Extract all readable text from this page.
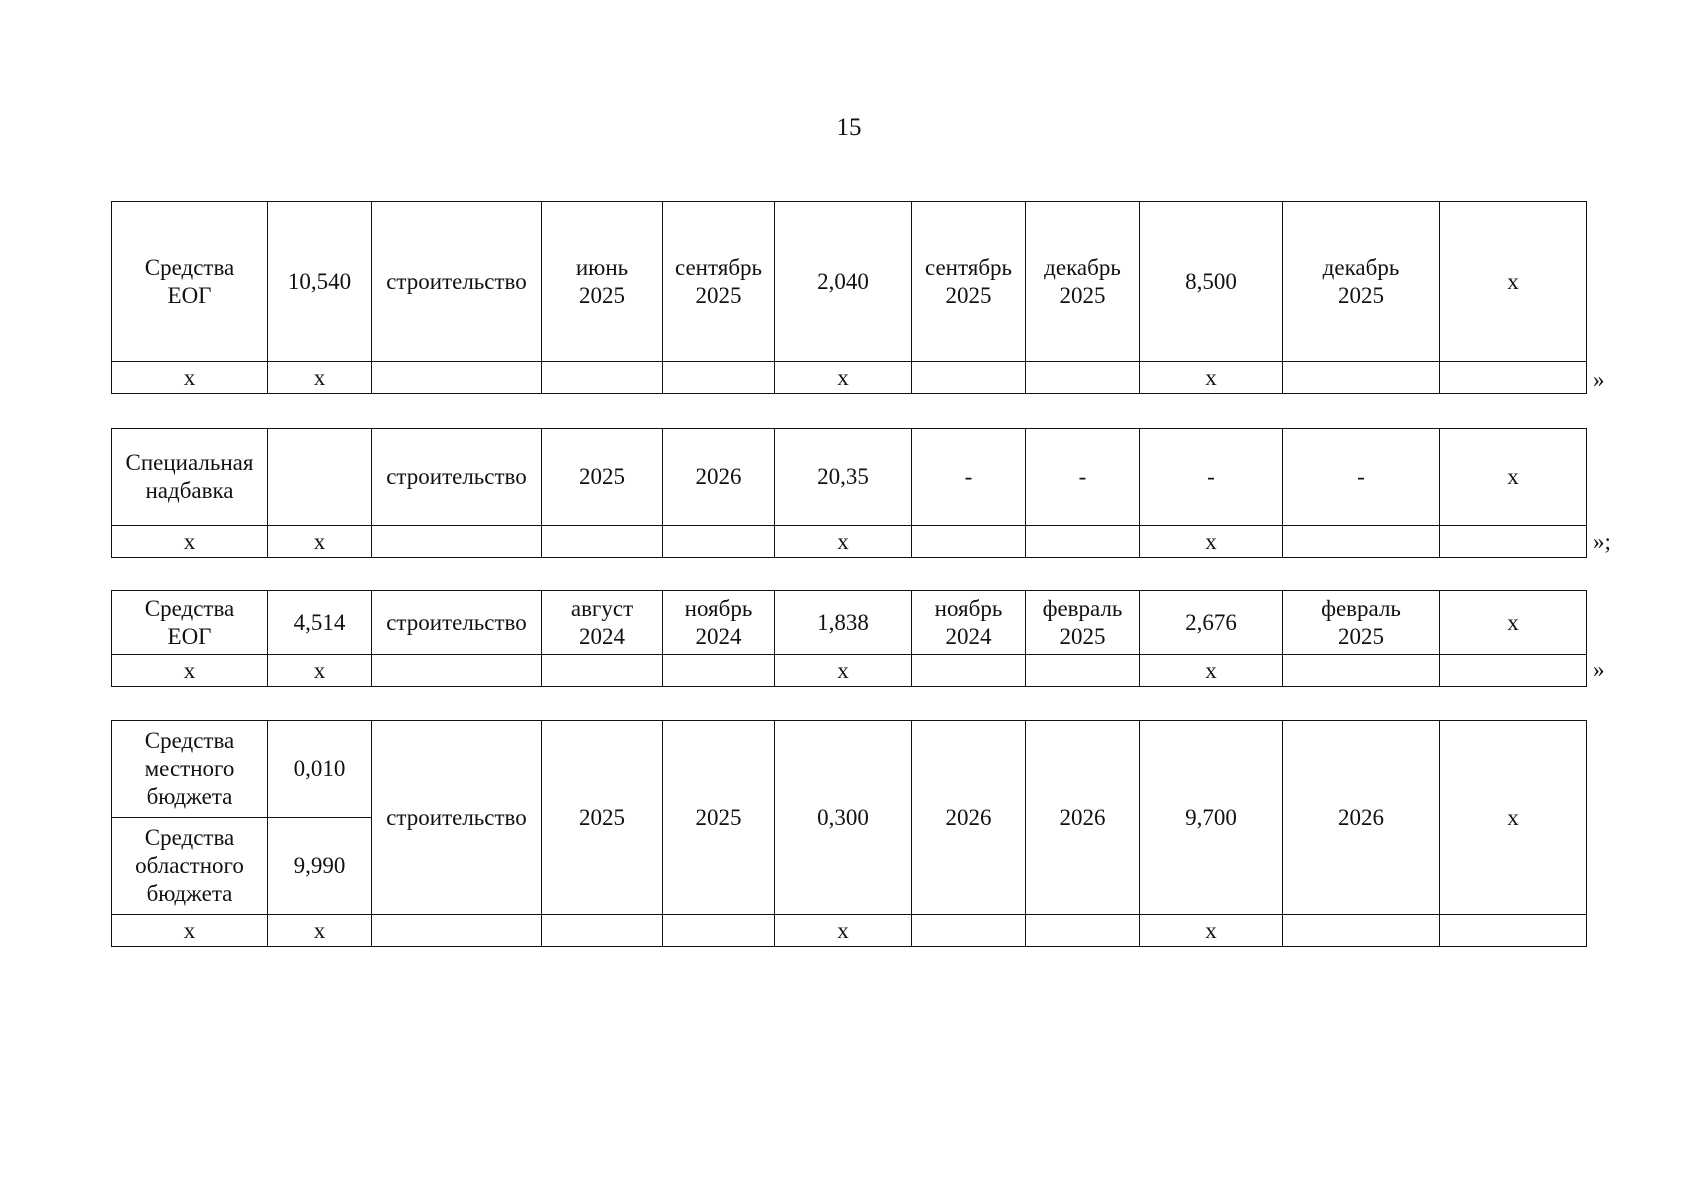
15
Средства
ЕОГ	10,540	строительство	июнь
2025	сентябрь
2025	2,040	сентябрь
2025	декабрь
2025	8,500	декабрь
2025	х
х	х				х			х			»
Специальная
надбавка		строительство	2025	2026	20,35	-	-	-	-	х
х	х				х			х			»;
Средства
ЕОГ	4,514	строительство	август
2024	ноябрь
2024	1,838	ноябрь
2024	февраль
2025	2,676	февраль
2025	х
х	х				х			х			»
Средства
местного
бюджета	0,010	строительство	2025	2025	0,300	2026	2026	9,700	2026	х
Средства
областного
бюджета	9,990									
х	х				х			х		
